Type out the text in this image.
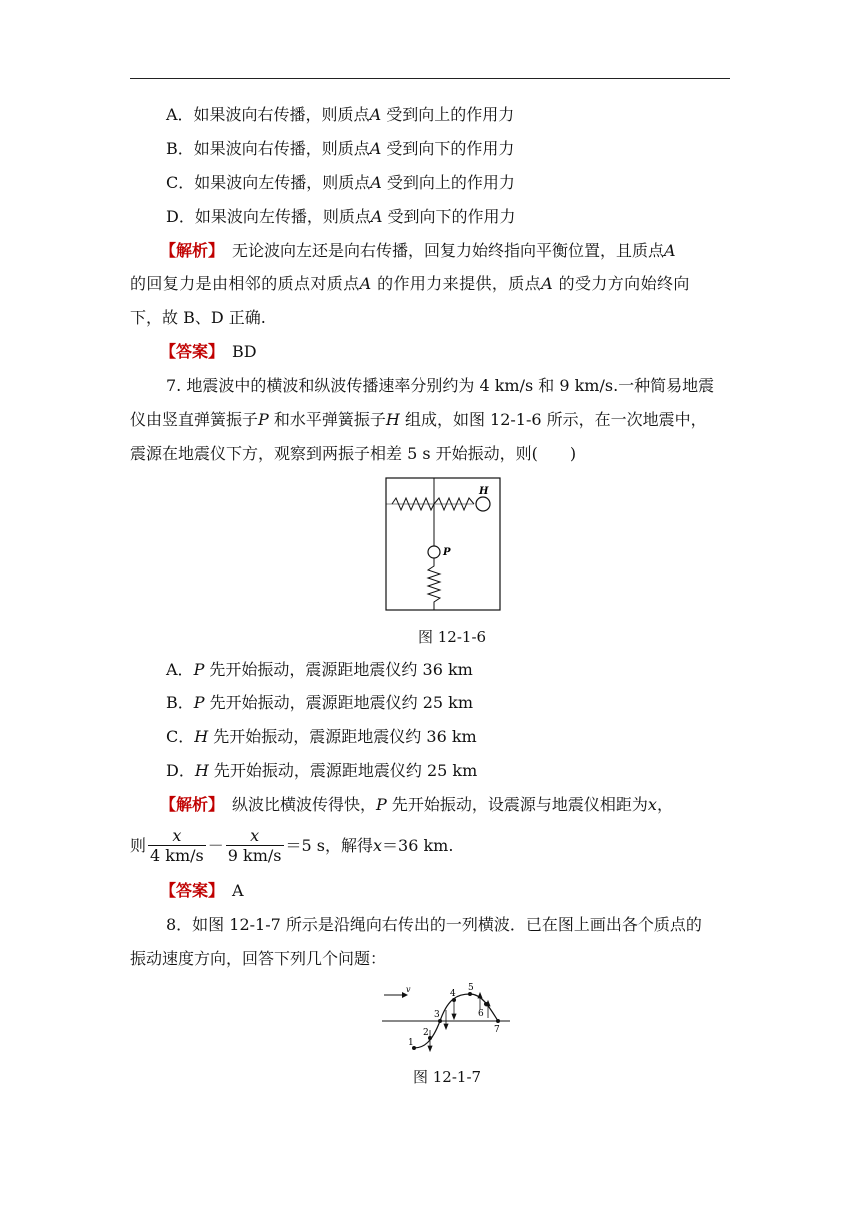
A．如果波向右传播，则质点A 受到向上的作用力
B．如果波向右传播，则质点A 受到向下的作用力
C．如果波向左传播，则质点A 受到向上的作用力
D．如果波向左传播，则质点A 受到向下的作用力
【解析】　 无论波向左还是向右传播，回复力始终指向平衡位置，且质点A
的回复力是由相邻的质点对质点A 的作用力来提供，质点A 的受力方向始终向
下，故 B、D 正确.
【答案】　 BD
7. 地震波中的横波和纵波传播速率分别约为 4 km/s 和 9 km/s.一种简易地震
仪由竖直弹簧振子P 和水平弹簧振子H 组成，如图 12-1-6 所示，在一次地震中，
震源在地震仪下方，观察到两振子相差 5 s 开始振动，则(　　)
H
P
图 12-1-6
A．P 先开始振动，震源距地震仪约 36 km
B．P 先开始振动，震源距地震仪约 25 km
C．H 先开始振动，震源距地震仪约 36 km
D．H 先开始振动，震源距地震仪约 25 km
【解析】　 纵波比横波传得快，P 先开始振动，设震源与地震仪相距为x，
则 $\frac{x}{4 km/s} - \frac{x}{9 km/s} =5$ s，解得x＝36 km.
【答案】　 A
8．如图 12-1-7 所示是沿绳向右传出的一列横波．已在图上画出各个质点的
振动速度方向，回答下列几个问题：
v
1
2
3
4
5
6
7
图 12-1-7
